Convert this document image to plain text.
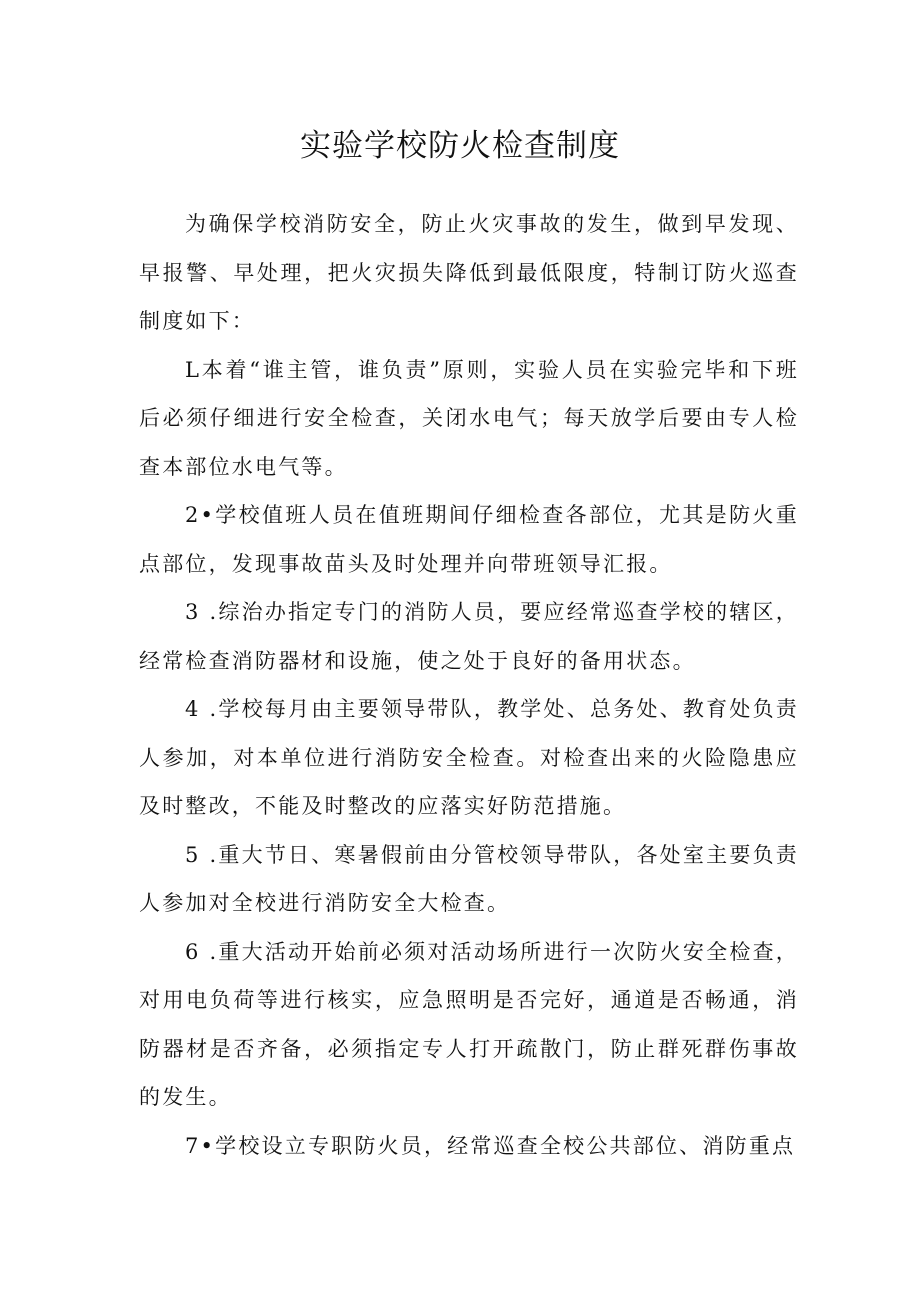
实验学校防火检查制度

为确保学校消防安全，防止火灾事故的发生，做到早发现、早报警、早处理，把火灾损失降低到最低限度，特制订防火巡查制度如下：

L本着“谁主管，谁负责”原则，实验人员在实验完毕和下班后必须仔细进行安全检查，关闭水电气；每天放学后要由专人检查本部位水电气等。

2•学校值班人员在值班期间仔细检查各部位，尤其是防火重点部位，发现事故苗头及时处理并向带班领导汇报。

3 .综治办指定专门的消防人员，要应经常巡查学校的辖区，经常检查消防器材和设施，使之处于良好的备用状态。

4 .学校每月由主要领导带队，教学处、总务处、教育处负责人参加，对本单位进行消防安全检查。对检查出来的火险隐患应及时整改，不能及时整改的应落实好防范措施。

5 .重大节日、寒暑假前由分管校领导带队，各处室主要负责人参加对全校进行消防安全大检查。

6 .重大活动开始前必须对活动场所进行一次防火安全检查，对用电负荷等进行核实，应急照明是否完好，通道是否畅通，消防器材是否齐备，必须指定专人打开疏散门，防止群死群伤事故的发生。

7•学校设立专职防火员，经常巡查全校公共部位、消防重点
